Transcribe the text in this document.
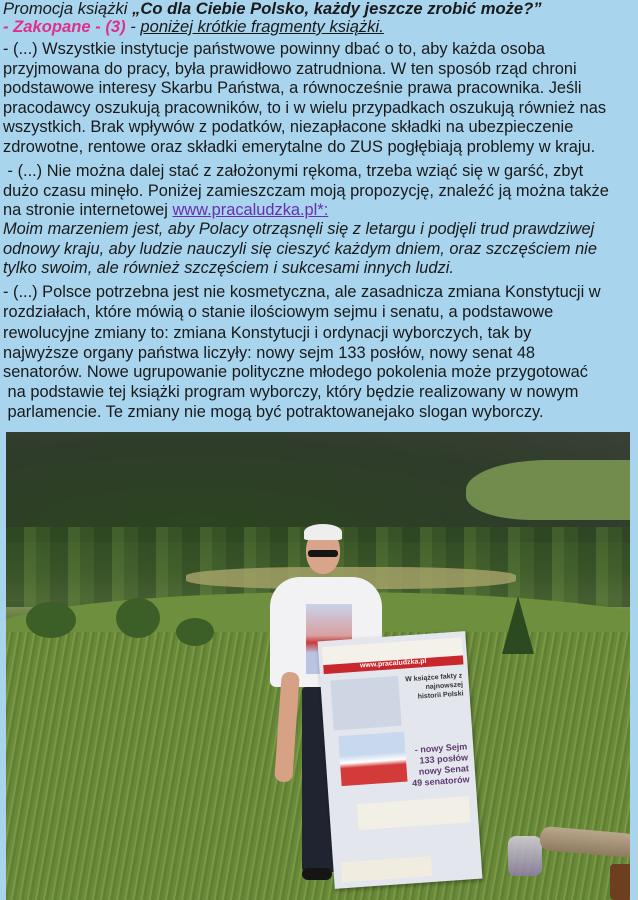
Promocja książki „Co dla Ciebie Polsko, każdy jeszcze zrobić może?”
- Zakopane - (3) - poniżej krótkie fragmenty książki.
- (...) Wszystkie instytucje państwowe powinny dbać o to, aby każda osoba
przyjmowana do pracy, była prawidłowo zatrudniona. W ten sposób rząd chroni
podstawowe interesy Skarbu Państwa, a równocześnie prawa pracownika. Jeśli
pracodawcy oszukują pracowników, to i w wielu przypadkach oszukują również nas
wszystkich. Brak wpływów z podatków, niezapłacone składki na ubezpieczenie
zdrowotne, rentowe oraz składki emerytalne do ZUS pogłębiają problemy w kraju.
- (...) Nie można dalej stać z założonymi rękoma, trzeba wziąć się w garść, zbyt
dużo czasu minęło. Poniżej zamieszczam moją propozycję, znaleźć ją można także
na stronie internetowej www.pracaludzka.pl*:
Moim marzeniem jest, aby Polacy otrząsnęli się z letargu i podjęli trud prawdziwej
odnowy kraju, aby ludzie nauczyli się cieszyć każdym dniem, oraz szczęściem nie
tylko swoim, ale również szczęściem i sukcesami innych ludzi.
- (...) Polsce potrzebna jest nie kosmetyczna, ale zasadnicza zmiana Konstytucji w
rozdziałach, które mówią o stanie ilościowym sejmu i senatu, a podstawowe
rewolucyjne zmiany to: zmiana Konstytucji i ordynacji wyborczych, tak by
najwyższe organy państwa liczyły: nowy sejm 133 posłów, nowy senat 48
senatorów. Nowe ugrupowanie polityczne młodego pokolenia może przygotować
na podstawie tej książki program wyborczy, który będzie realizowany w nowym
parlamencie. Te zmiany nie mogą być potraktowanejako slogan wyborczy.
www.pracaludzka.pl
W książce fakty z najnowszej historii Polski
- nowy Sejm 133 posłów nowy Senat 49 senatorów
